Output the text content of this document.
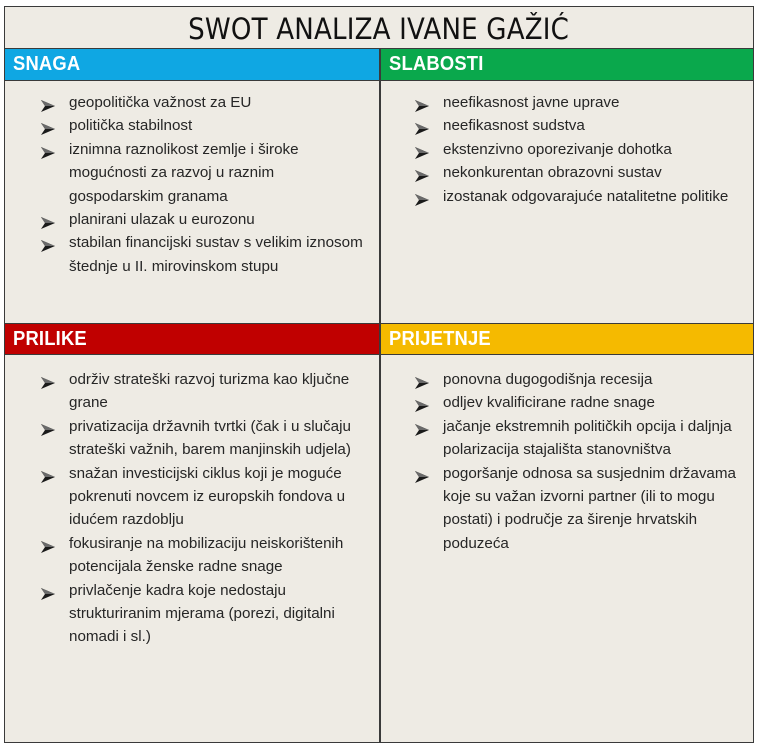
SWOT ANALIZA IVANE GAŽIĆ
SNAGA	SLABOSTI
PRILIKE	PRIJETNJE
geopolitička važnost za EU
politička stabilnost
iznimna raznolikost zemlje i široke mogućnosti za razvoj u raznim gospodarskim granama
planirani ulazak u eurozonu
stabilan financijski sustav s velikim iznosom štednje u II. mirovinskom stupu
neefikasnost javne uprave
neefikasnost sudstva
ekstenzivno oporezivanje dohotka
nekonkurentan obrazovni sustav
izostanak odgovarajuće natalitetne politike
održiv strateški razvoj turizma kao ključne grane
privatizacija državnih tvrtki (čak i u slučaju strateški važnih, barem manjinskih udjela)
snažan investicijski ciklus koji je moguće pokrenuti novcem iz europskih fondova u idućem razdoblju
fokusiranje na mobilizaciju neiskorištenih potencijala ženske radne snage
privlačenje kadra koje nedostaju strukturiranim mjerama (porezi, digitalni nomadi i sl.)
ponovna dugogodišnja recesija
odljev kvalificirane radne snage
jačanje ekstremnih političkih opcija i daljnja polarizacija stajališta stanovništva
pogoršanje odnosa sa susjednim državama koje su važan izvorni partner (ili to mogu postati) i područje za širenje hrvatskih poduzeća
